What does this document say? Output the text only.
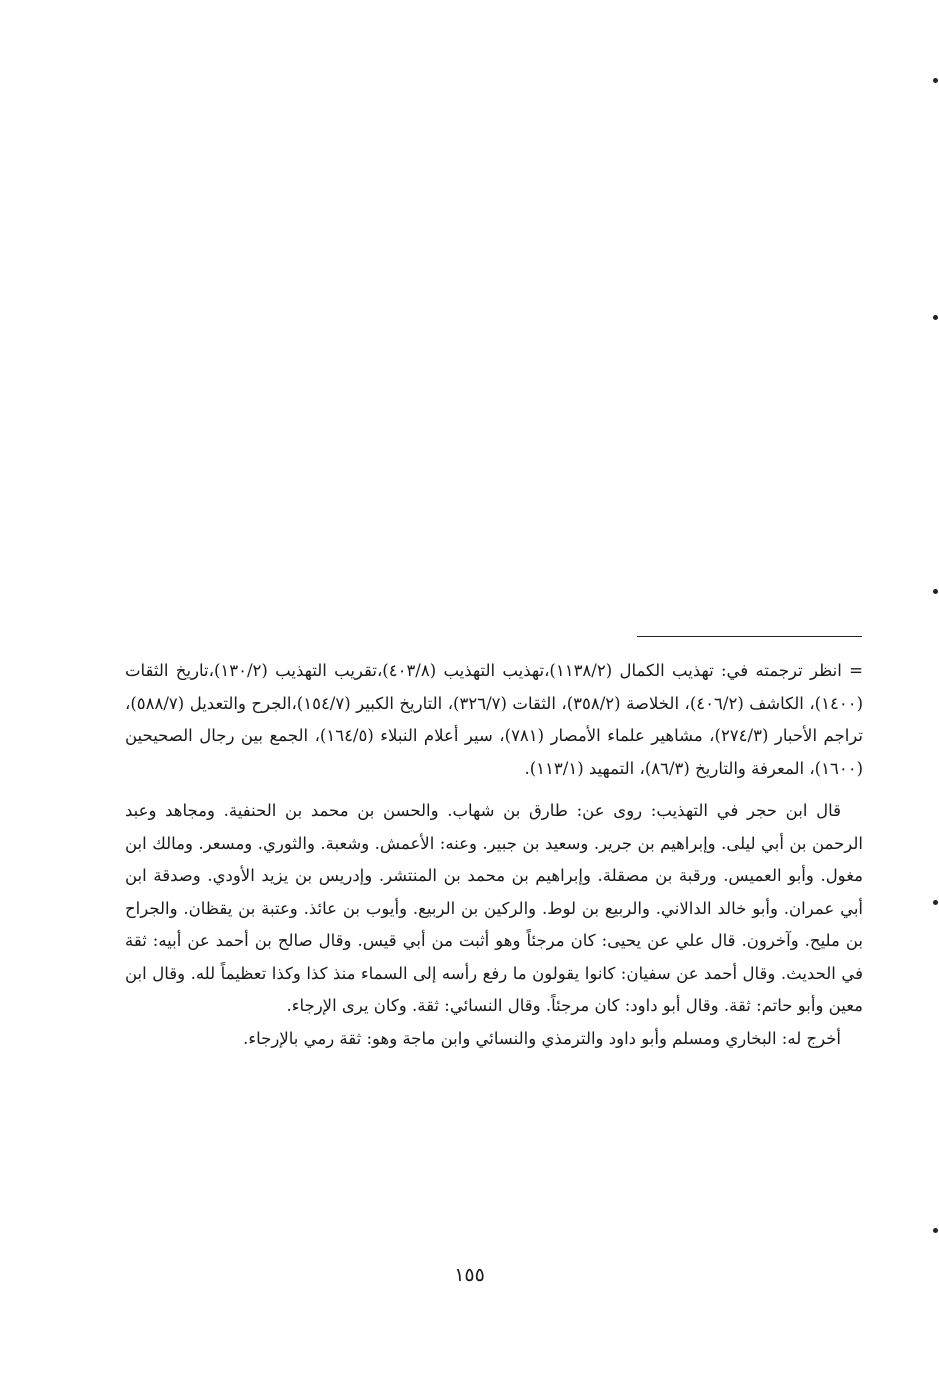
= انظر ترجمته في: تهذيب الكمال (١١٣٨/٢)،تهذيب التهذيب (٤٠٣/٨)،تقريب التهذيب (١٣٠/٢)،تاريخ الثقات (١٤٠٠)، الكاشف (٤٠٦/٢)، الخلاصة (٣٥٨/٢)، الثقات (٣٢٦/٧)، التاريخ الكبير (١٥٤/٧)،الجرح والتعديل (٥٨٨/٧)، تراجم الأحبار (٢٧٤/٣)، مشاهير علماء الأمصار (٧٨١)، سير أعلام النبلاء (١٦٤/٥)، الجمع بين رجال الصحيحين (١٦٠٠)، المعرفة والتاريخ (٨٦/٣)، التمهيد (١١٣/١).

قال ابن حجر في التهذيب: روى عن: طارق بن شهاب. والحسن بن محمد بن الحنفية. ومجاهد وعبد الرحمن بن أبي ليلى. وإبراهيم بن جرير. وسعيد بن جبير. وعنه: الأعمش. وشعبة. والثوري. ومسعر. ومالك ابن مغول. وأبو العميس. ورقبة بن مصقلة. وإبراهيم بن محمد بن المنتشر. وإدريس بن يزيد الأودي. وصدقة ابن أبي عمران. وأبو خالد الدالاني. والربيع بن لوط. والركين بن الربيع. وأيوب بن عائذ. وعتبة بن يقظان. والجراح بن مليح. وآخرون. قال علي عن يحيى: كان مرجئاً وهو أثبت من أبي قيس. وقال صالح بن أحمد عن أبيه: ثقة في الحديث. وقال أحمد عن سفيان: كانوا يقولون ما رفع رأسه إلى السماء منذ كذا وكذا تعظيماً لله. وقال ابن معين وأبو حاتم: ثقة. وقال أبو داود: كان مرجئاً. وقال النسائي: ثقة. وكان يرى الإرجاء.

أخرج له: البخاري ومسلم وأبو داود والترمذي والنسائي وابن ماجة وهو: ثقة رمي بالإرجاء.

١٥٥
